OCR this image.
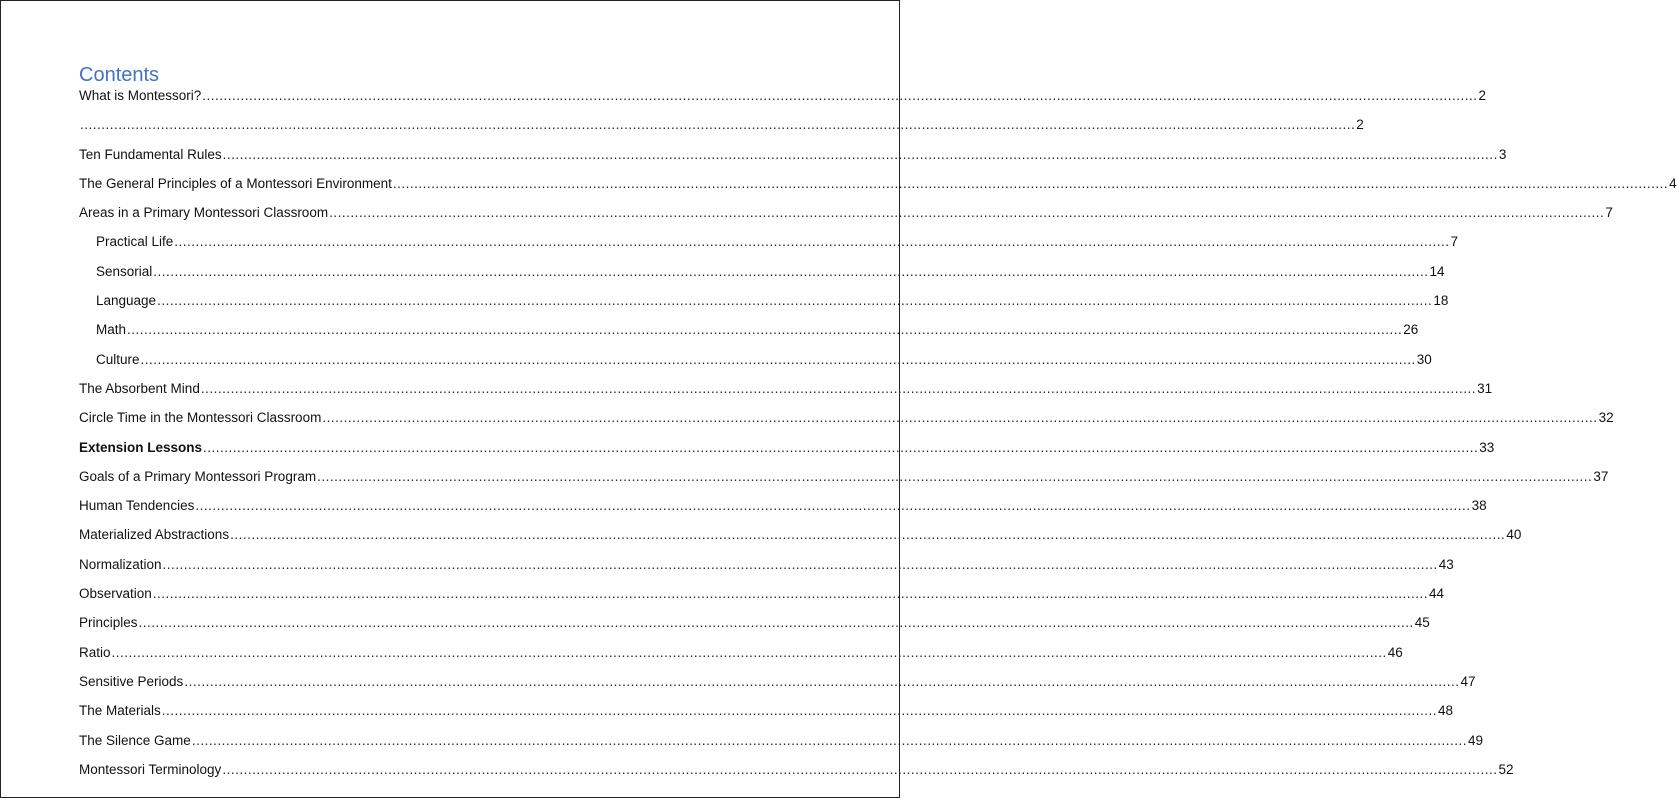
Contents
What is Montessori? ............................................................................................................................................................................................................................................................................................................ 2
............................................................................................................................................................................................................................................................................................................ 2
Ten Fundamental Rules ............................................................................................................................................................................................................................................................................................................ 3
The General Principles of a Montessori Environment ............................................................................................................................................................................................................................................................................................................ 4
Areas in a Primary Montessori Classroom ............................................................................................................................................................................................................................................................................................................ 7
Practical Life ............................................................................................................................................................................................................................................................................................................ 7
Sensorial ............................................................................................................................................................................................................................................................................................................ 14
Language ............................................................................................................................................................................................................................................................................................................ 18
Math ............................................................................................................................................................................................................................................................................................................ 26
Culture ............................................................................................................................................................................................................................................................................................................ 30
The Absorbent Mind ............................................................................................................................................................................................................................................................................................................ 31
Circle Time in the Montessori Classroom ............................................................................................................................................................................................................................................................................................................ 32
Extension Lessons ............................................................................................................................................................................................................................................................................................................ 33
Goals of a Primary Montessori Program ............................................................................................................................................................................................................................................................................................................ 37
Human Tendencies ............................................................................................................................................................................................................................................................................................................ 38
Materialized Abstractions ............................................................................................................................................................................................................................................................................................................ 40
Normalization ............................................................................................................................................................................................................................................................................................................ 43
Observation ............................................................................................................................................................................................................................................................................................................ 44
Principles ............................................................................................................................................................................................................................................................................................................ 45
Ratio ............................................................................................................................................................................................................................................................................................................ 46
Sensitive Periods ............................................................................................................................................................................................................................................................................................................ 47
The Materials ............................................................................................................................................................................................................................................................................................................ 48
The Silence Game ............................................................................................................................................................................................................................................................................................................ 49
Montessori Terminology ............................................................................................................................................................................................................................................................................................................ 52
